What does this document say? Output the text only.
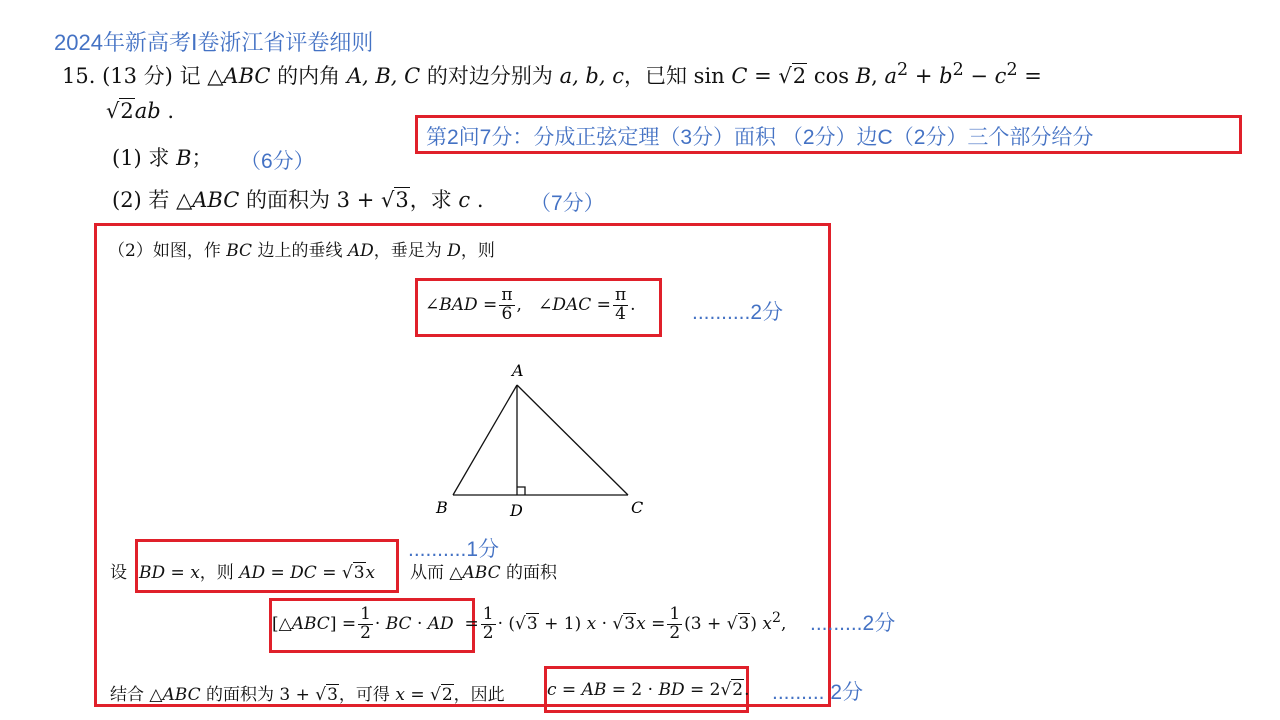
2024年新高考Ⅰ卷浙江省评卷细则
15. (13 分) 记 △ABC 的内角 A, B, C 的对边分别为 a, b, c，已知 sin C = √2 cos B, $a^2 + b^2 - c^2$ =
√2ab .
(1) 求 B； （6分）
(2) 若 △ABC 的面积为 3 + √3，求 c . （7分）
第2问7分：分成正弦定理（3分）面积 （2分）边C（2分）三个部分给分
（2）如图，作 BC 边上的垂线 AD，垂足为 D，则
∠BAD = $\frac{\pi}{6}$ ,   ∠DAC = $\frac{\pi}{4}$ .	..........2分
A
B	C
D
设 BD = x，则 AD = DC = √3x 从而 △ABC 的面积
..........1分
[△ABC] = $\frac{1}{2}$ · BC · AD  = $\frac{1}{2} \cdot (√3 + 1) x \cdot √3x = \frac{1}{2} (3 + √3)$ $x^2$, .........2分
结合 △ABC 的面积为 3 + √3，可得 x = √2，因此 c = AB = 2 · BD = 2√2. ......... 2分
